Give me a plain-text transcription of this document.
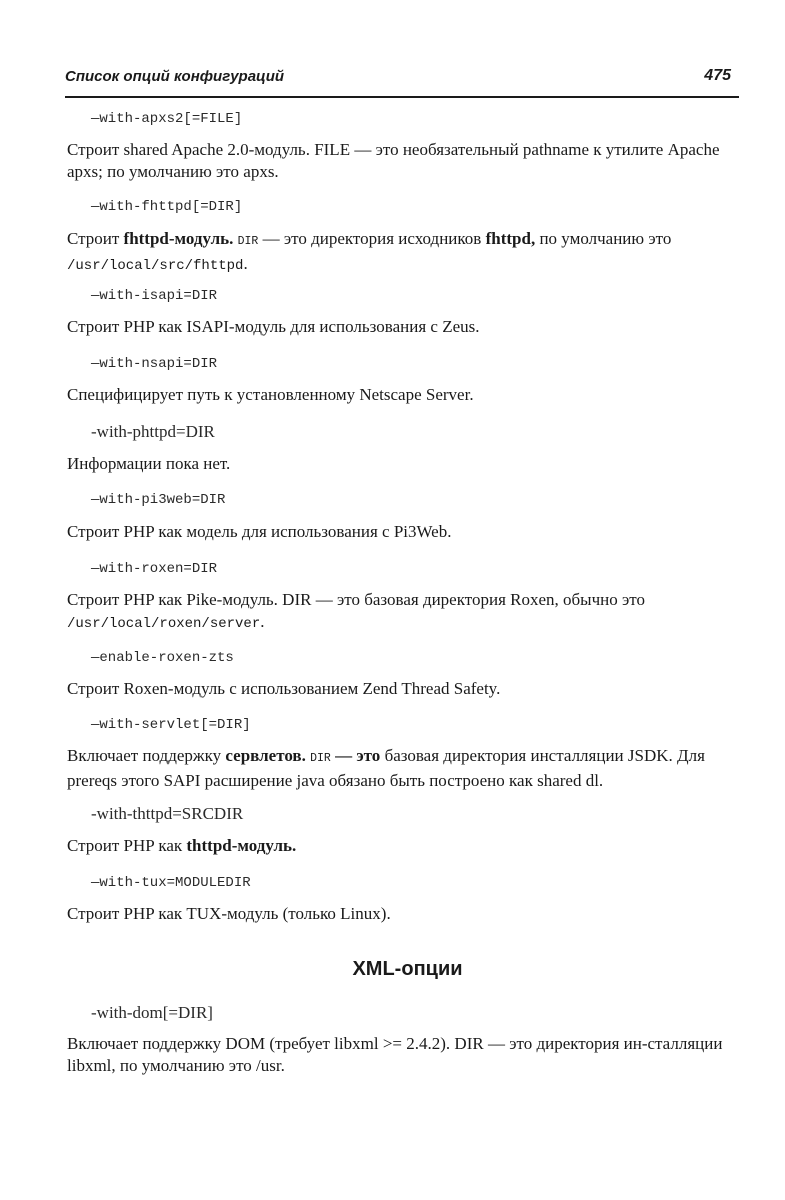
Список опций конфигураций	475
—with-apxs2[=FILE]
Строит shared Apache 2.0-модуль. FILE — это необязательный pathname к утилите Apache apxs; по умолчанию это apxs.
—with-fhttpd[=DIR]
Строит fhttpd-модуль. DIR — это директория исходников fhttpd, по умолчанию это /usr/local/src/fhttpd.
—with-isapi=DIR
Строит PHP как ISAPI-модуль для использования с Zeus.
—with-nsapi=DIR
Специфицирует путь к установленному Netscape Server.
-with-phttpd=DIR
Информации пока нет.
—with-pi3web=DIR
Строит PHP как модель для использования с Pi3Web.
—with-roxen=DIR
Строит PHP как Pike-модуль. DIR — это базовая директория Roxen, обычно это /usr/local/roxen/server.
—enable-roxen-zts
Строит Roxen-модуль с использованием Zend Thread Safety.
—with-servlet[=DIR]
Включает поддержку сервлетов. DIR — это базовая директория инсталляции JSDK. Для prereqs этого SAPI расширение java обязано быть построено как shared dl.
-with-thttpd=SRCDIR
Строит PHP как thttpd-модуль.
—with-tux=MODULEDIR
Строит PHP как TUX-модуль (только Linux).
XML-опции
-with-dom[=DIR]
Включает поддержку DOM (требует libxml >= 2.4.2). DIR — это директория ин-сталляции libxml, по умолчанию это /usr.
